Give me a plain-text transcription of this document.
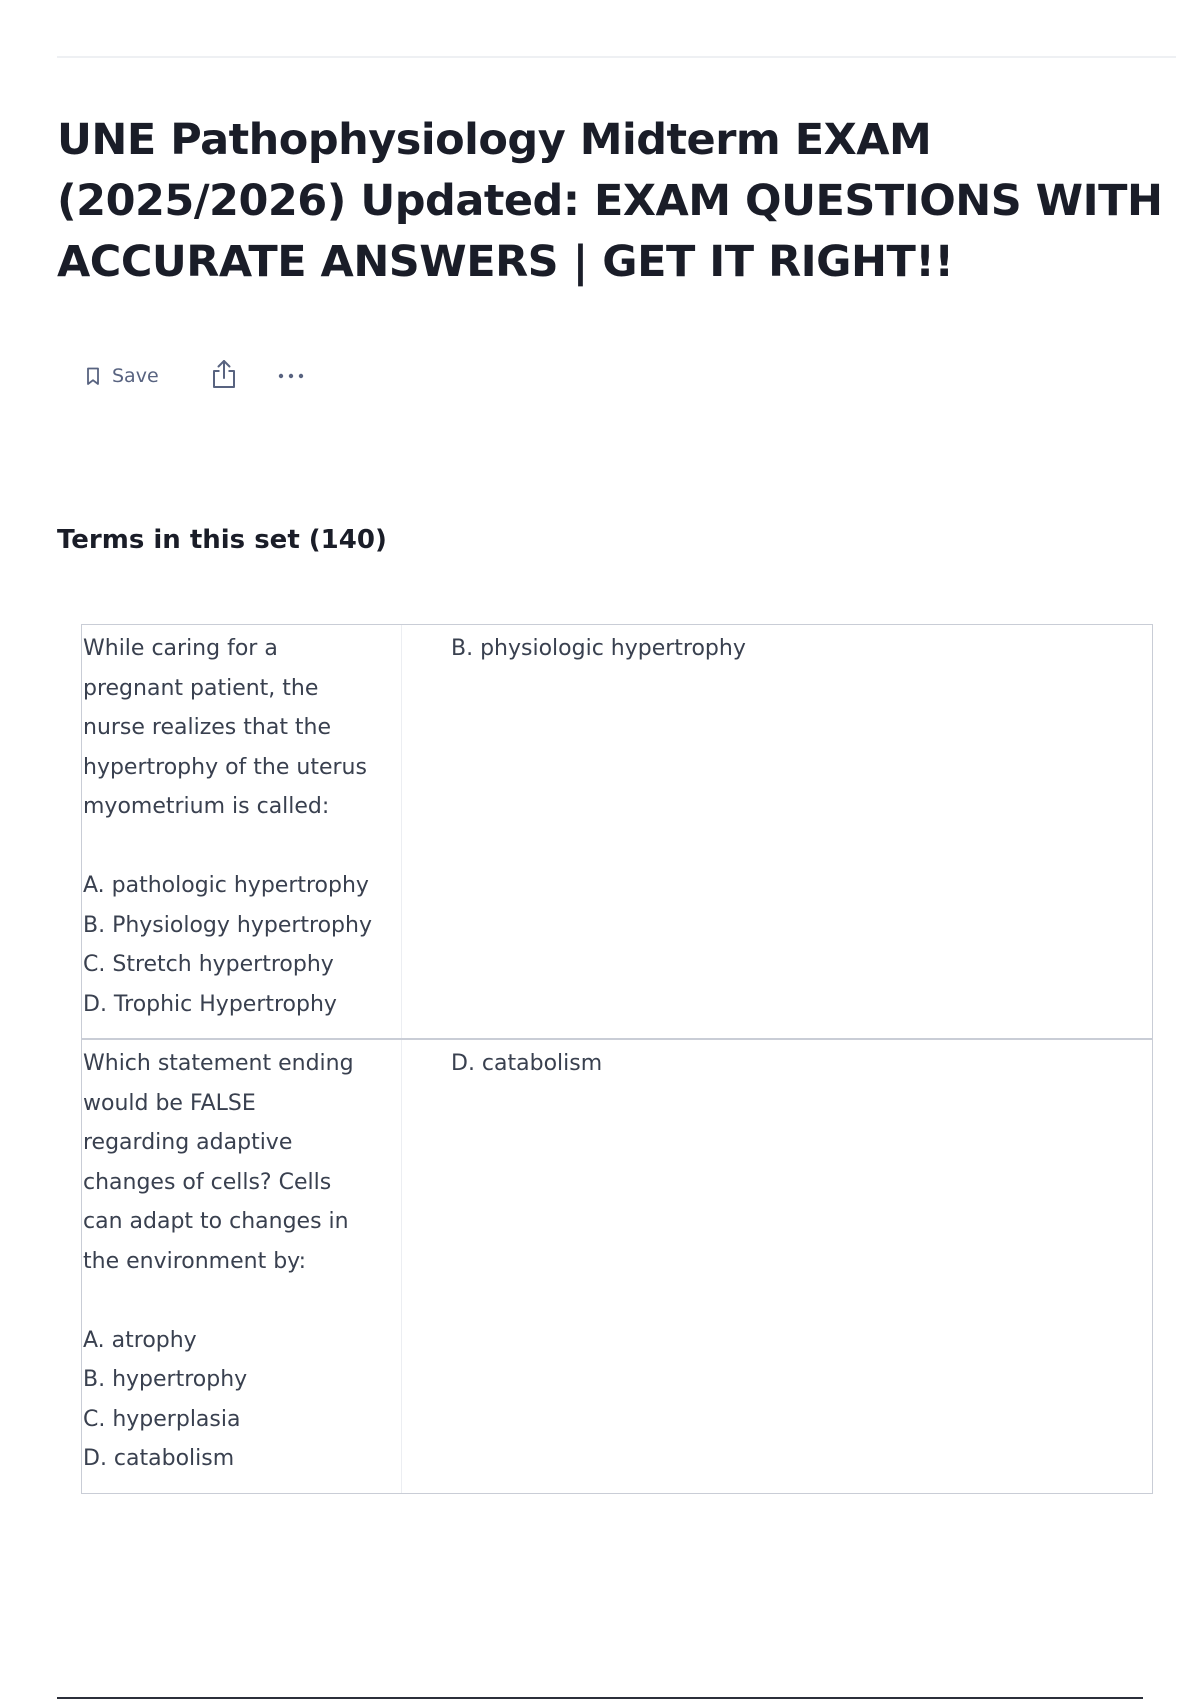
UNE Pathophysiology Midterm EXAM
(2025/2026) Updated: EXAM QUESTIONS WITH
ACCURATE ANSWERS | GET IT RIGHT!!
Save
Terms in this set (140)
While caring for a
pregnant patient, the
nurse realizes that the
hypertrophy of the uterus
myometrium is called:

A. pathologic hypertrophy
B. Physiology hypertrophy
C. Stretch hypertrophy
D. Trophic Hypertrophy
B. physiologic hypertrophy
Which statement ending
would be FALSE
regarding adaptive
changes of cells? Cells
can adapt to changes in
the environment by:

A. atrophy
B. hypertrophy
C. hyperplasia
D. catabolism
D. catabolism
